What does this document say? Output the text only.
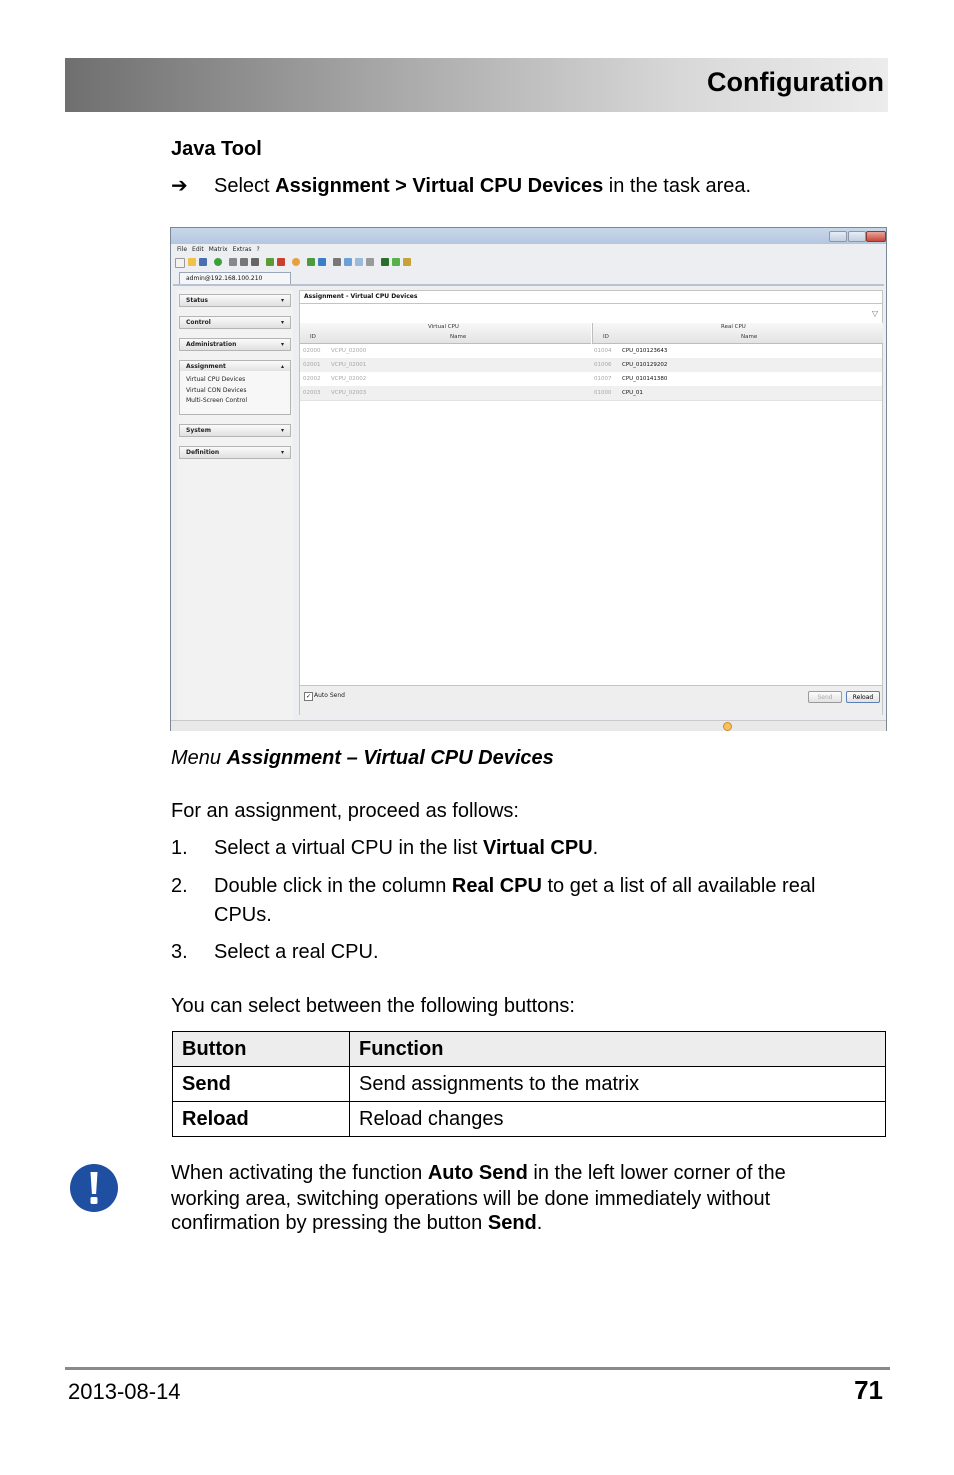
Configuration
Java Tool
➔ Select Assignment > Virtual CPU Devices in the task area.
File Edit Matrix Extras ?
admin@192.168.100.210
Status	▾
Control	▾
Administration	▾
Assignment	▴
Virtual CPU Devices
Virtual CON Devices
Multi-Screen Control
System	▾
Definition	▾
Assignment - Virtual CPU Devices
▽
Virtual CPU
ID	Name
Real CPU
ID	Name
02000 VCPU_02000	01004 CPU_010123643
02001 VCPU_02001	01006 CPU_010129202
02002 VCPU_02002	01007 CPU_010141380
02003 VCPU_02003	01000 CPU_01
✓ Auto Send	Send	Reload
Menu Assignment – Virtual CPU Devices
For an assignment, proceed as follows:
1. Select a virtual CPU in the list Virtual CPU.
2. Double click in the column Real CPU to get a list of all available real
CPUs.
3. Select a real CPU.
You can select between the following buttons:
Button	Function
Send	Send assignments to the matrix
Reload	Reload changes
When activating the function Auto Send in the left lower corner of the
working area, switching operations will be done immediately without
confirmation by pressing the button Send.
2013-08-14	71
